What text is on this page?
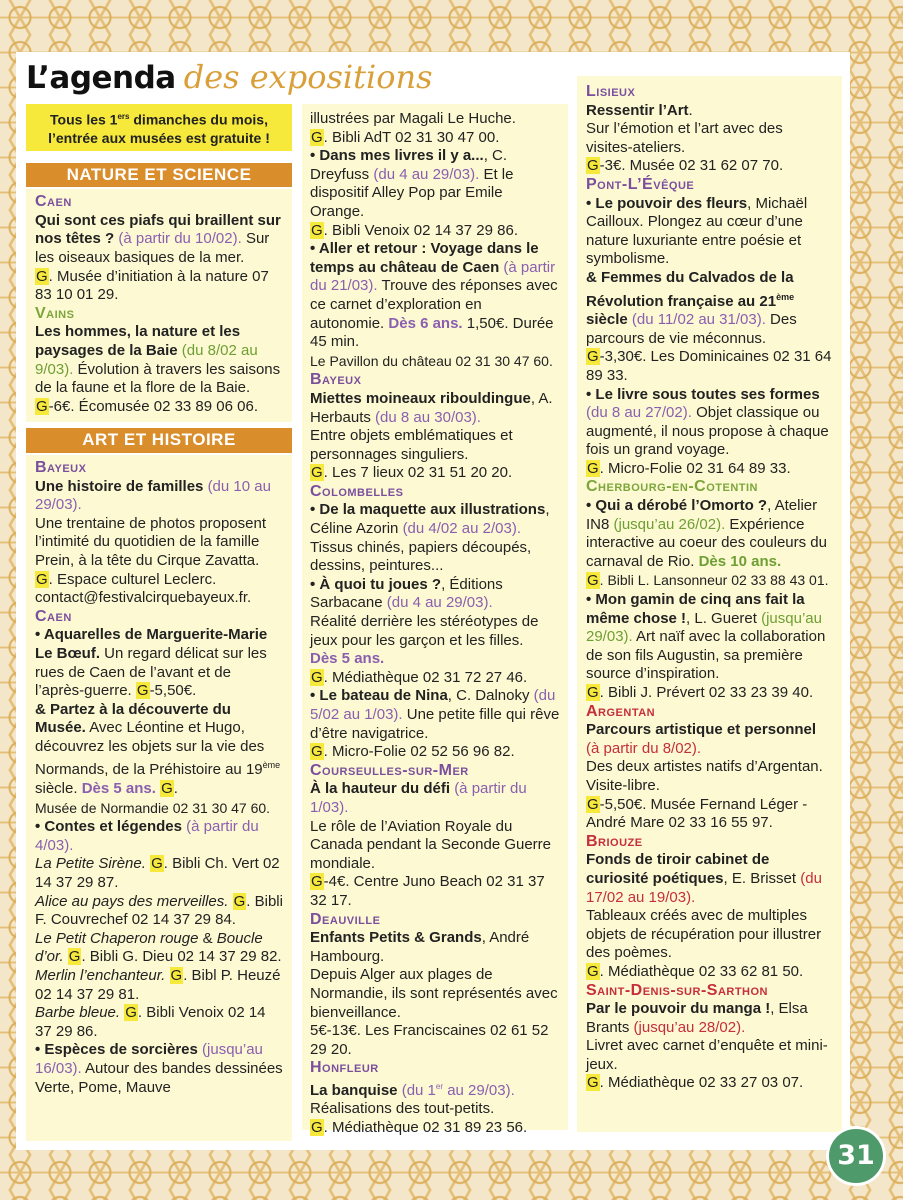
L’agenda des expositions
Tous les 1ers dimanches du mois,
l’entrée aux musées est gratuite !
NATURE ET SCIENCE
Caen

Qui sont ces piafs qui braillent sur nos têtes ? (à partir du 10/02). Sur les oiseaux basiques de la mer.
G. Musée d’initiation à la nature 07 83 10 01 29.

Vains

Les hommes, la nature et les paysages de la Baie (du 8/02 au 9/03). Évolution à travers les saisons de la faune et la flore de la Baie.
G-6€. Écomusée 02 33 89 06 06.

ART ET HISTOIRE
Bayeux

Une histoire de familles (du 10 au 29/03).
Une trentaine de photos proposent l’intimité du quotidien de la famille Prein, à la tête du Cirque Zavatta.
G. Espace culturel Leclerc. contact@festivalcirquebayeux.fr.

Caen

• Aquarelles de Marguerite-Marie Le Bœuf. Un regard délicat sur les rues de Caen de l’avant et de l’après-guerre. G-5,50€.

& Partez à la découverte du Musée. Avec Léontine et Hugo, découvrez les objets sur la vie des Normands, de la Préhistoire au 19ème siècle. Dès 5 ans. G.
Musée de Normandie 02 31 30 47 60.

• Contes et légendes (à partir du 4/03).
La Petite Sirène. G. Bibli Ch. Vert 02 14 37 29 87.
Alice au pays des merveilles. G. Bibli F. Couvrechef 02 14 37 29 84.
Le Petit Chaperon rouge & Boucle d’or. G. Bibli G. Dieu 02 14 37 29 82.
Merlin l’enchanteur. G. Bibl P. Heuzé 02 14 37 29 81.
Barbe bleue. G. Bibli Venoix 02 14 37 29 86.

• Espèces de sorcières (jusqu’au 16/03). Autour des bandes dessinées Verte, Pome, Mauve

illustrées par Magali Le Huche.
G. Bibli AdT 02 31 30 47 00.

• Dans mes livres il y a..., C. Dreyfuss (du 4 au 29/03). Et le dispositif Alley Pop par Emile Orange.
G. Bibli Venoix 02 14 37 29 86.

• Aller et retour : Voyage dans le temps au château de Caen (à partir du 21/03). Trouve des réponses avec ce carnet d’exploration en autonomie. Dès 6 ans. 1,50€. Durée 45 min.
Le Pavillon du château 02 31 30 47 60.

Bayeux

Miettes moineaux ribouldingue, A. Herbauts (du 8 au 30/03).
Entre objets emblématiques et personnages singuliers.
G. Les 7 lieux 02 31 51 20 20.

Colombelles

• De la maquette aux illustrations, Céline Azorin (du 4/02 au 2/03).
Tissus chinés, papiers découpés, dessins, peintures...

• À quoi tu joues ?, Éditions Sarbacane (du 4 au 29/03).
Réalité derrière les stéréotypes de jeux pour les garçon et les filles.
Dès 5 ans.
G. Médiathèque 02 31 72 27 46.

• Le bateau de Nina, C. Dalnoky (du 5/02 au 1/03). Une petite fille qui rêve d’être navigatrice.
G. Micro-Folie 02 52 56 96 82.

Courseulles-sur-Mer

À la hauteur du défi (à partir du 1/03).
Le rôle de l’Aviation Royale du Canada pendant la Seconde Guerre mondiale.
G-4€. Centre Juno Beach 02 31 37 32 17.

Deauville

Enfants Petits & Grands, André Hambourg.
Depuis Alger aux plages de Normandie, ils sont représentés avec bienveillance.
5€-13€. Les Franciscaines 02 61 52 29 20.

Honfleur

La banquise (du 1er au 29/03).
Réalisations des tout-petits.
G. Médiathèque 02 31 89 23 56.

Lisieux

Ressentir l’Art.
Sur l’émotion et l’art avec des visites-ateliers.
G-3€. Musée 02 31 62 07 70.

Pont-L’Évêque

• Le pouvoir des fleurs, Michaël Cailloux. Plongez au cœur d’une nature luxuriante entre poésie et symbolisme.

& Femmes du Calvados de la Révolution française au 21ème siècle (du 11/02 au 31/03). Des parcours de vie méconnus.
G-3,30€. Les Dominicaines 02 31 64 89 33.

• Le livre sous toutes ses formes (du 8 au 27/02). Objet classique ou augmenté, il nous propose à chaque fois un grand voyage.
G. Micro-Folie 02 31 64 89 33.

Cherbourg-en-Cotentin

• Qui a dérobé l’Omorto ?, Atelier IN8 (jusqu’au 26/02). Expérience interactive au coeur des couleurs du carnaval de Rio. Dès 10 ans.
G. Bibli L. Lansonneur 02 33 88 43 01.

• Mon gamin de cinq ans fait la même chose !, L. Gueret (jusqu’au 29/03). Art naïf avec la collaboration de son fils Augustin, sa première source d’inspiration.
G. Bibli J. Prévert 02 33 23 39 40.

Argentan

Parcours artistique et personnel
(à partir du 8/02).
Des deux artistes natifs d’Argentan. Visite-libre.
G-5,50€. Musée Fernand Léger - André Mare 02 33 16 55 97.

Briouze

Fonds de tiroir cabinet de curiosité poétiques, E. Brisset (du 17/02 au 19/03).
Tableaux créés avec de multiples objets de récupération pour illustrer des poèmes.
G. Médiathèque 02 33 62 81 50.

Saint-Denis-sur-Sarthon

Par le pouvoir du manga !, Elsa Brants (jusqu’au 28/02).
Livret avec carnet d’enquête et mini-jeux.
G. Médiathèque 02 33 27 03 07.

31
